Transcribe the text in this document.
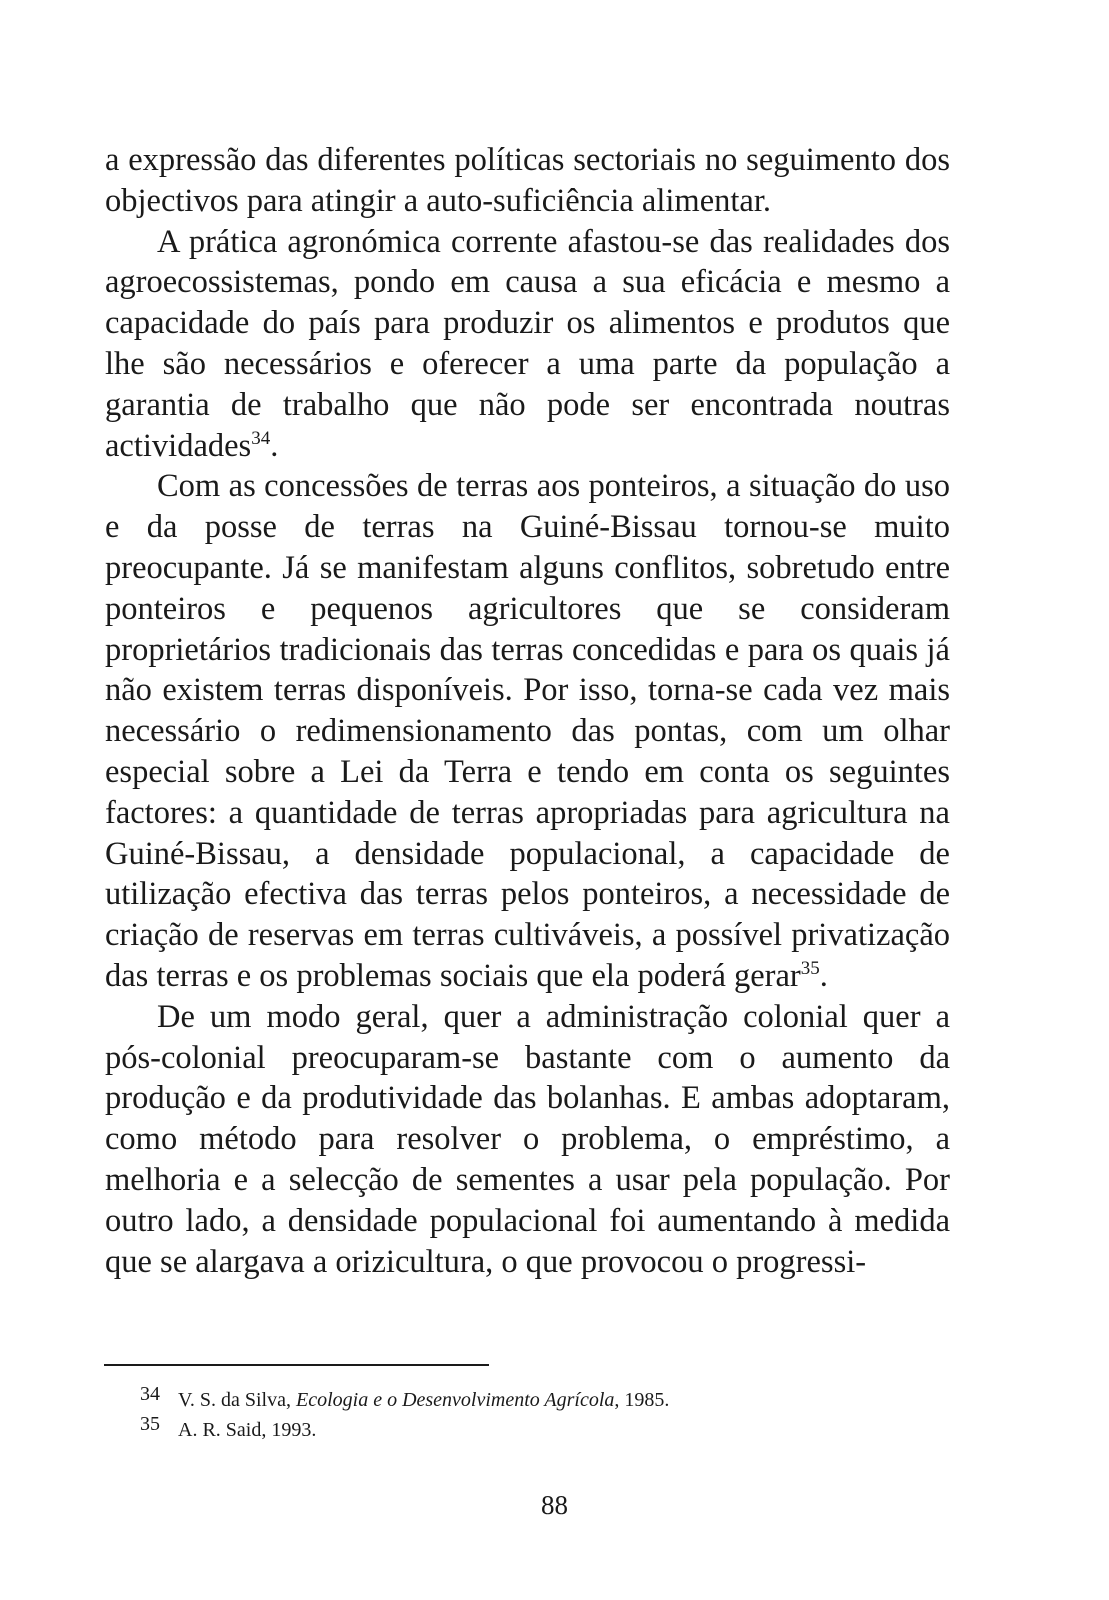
a expressão das diferentes políticas sectoriais no seguimento dos objectivos para atingir a auto-suficiência alimentar.

A prática agronómica corrente afastou-se das realidades dos agroecossistemas, pondo em causa a sua eficácia e mesmo a capacidade do país para produzir os alimentos e produtos que lhe são necessários e oferecer a uma parte da população a garantia de trabalho que não pode ser encontrada noutras actividades$^{34}$.

Com as concessões de terras aos ponteiros, a situação do uso e da posse de terras na Guiné-Bissau tornou-se muito preocupante. Já se manifestam alguns conflitos, sobretudo entre ponteiros e pequenos agricultores que se consideram proprietários tradicionais das terras concedidas e para os quais já não existem terras disponíveis. Por isso, torna-se cada vez mais necessário o redimensionamento das pontas, com um olhar especial sobre a Lei da Terra e tendo em conta os seguintes factores: a quantidade de terras apropriadas para agricultura na Guiné-Bissau, a densidade populacional, a capacidade de utilização efectiva das terras pelos ponteiros, a necessidade de criação de reservas em terras cultiváveis, a possível privatização das terras e os problemas sociais que ela poderá gerar$^{35}$.

De um modo geral, quer a administração colonial quer a pós-colonial preocuparam-se bastante com o aumento da produção e da produtividade das bolanhas. E ambas adoptaram, como método para resolver o problema, o empréstimo, a melhoria e a selecção de sementes a usar pela população. Por outro lado, a densidade populacional foi aumentando à medida que se alargava a orizicultura, o que provocou o progressi-

34 V. S. da Silva, Ecologia e o Desenvolvimento Agrícola, 1985.
35 A. R. Said, 1993.
88
